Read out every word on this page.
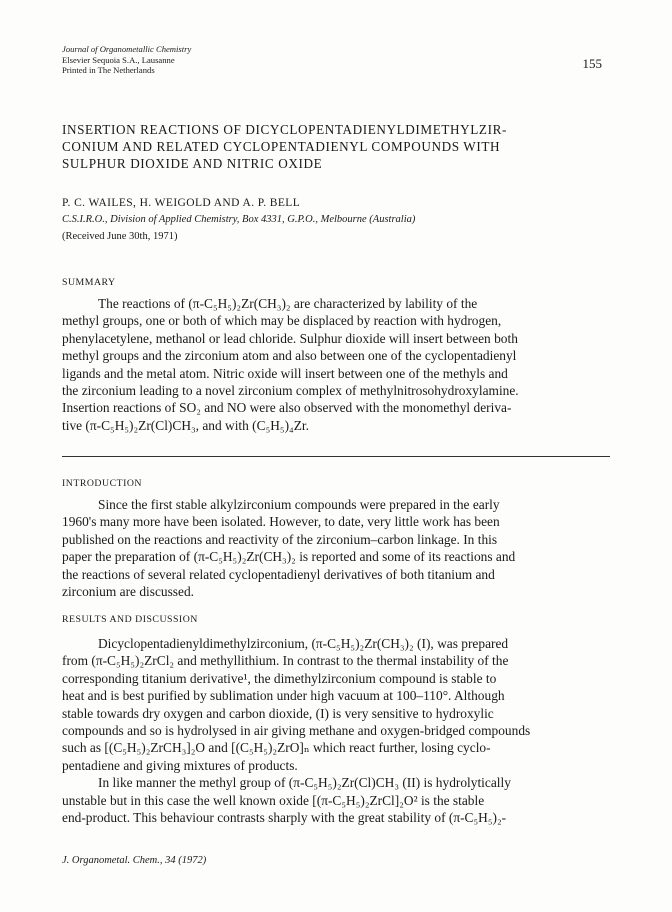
Journal of Organometallic Chemistry
Elsevier Sequoia S.A., Lausanne
Printed in The Netherlands	155
INSERTION REACTIONS OF DICYCLOPENTADIENYLDIMETHYLZIR-
CONIUM AND RELATED CYCLOPENTADIENYL COMPOUNDS WITH
SULPHUR DIOXIDE AND NITRIC OXIDE
P. C. WAILES, H. WEIGOLD AND A. P. BELL
C.S.I.R.O., Division of Applied Chemistry, Box 4331, G.P.O., Melbourne (Australia)
(Received June 30th, 1971)
SUMMARY
The reactions of (π-C₅H₅)₂Zr(CH₃)₂ are characterized by lability of the
methyl groups, one or both of which may be displaced by reaction with hydrogen,
phenylacetylene, methanol or lead chloride. Sulphur dioxide will insert between both
methyl groups and the zirconium atom and also between one of the cyclopentadienyl
ligands and the metal atom. Nitric oxide will insert between one of the methyls and
the zirconium leading to a novel zirconium complex of methylnitrosohydroxylamine.
Insertion reactions of SO₂ and NO were also observed with the monomethyl deriva-
tive (π-C₅H₅)₂Zr(Cl)CH₃, and with (C₅H₅)₄Zr.
INTRODUCTION
Since the first stable alkylzirconium compounds were prepared in the early
1960's many more have been isolated. However, to date, very little work has been
published on the reactions and reactivity of the zirconium–carbon linkage. In this
paper the preparation of (π-C₅H₅)₂Zr(CH₃)₂ is reported and some of its reactions and
the reactions of several related cyclopentadienyl derivatives of both titanium and
zirconium are discussed.
RESULTS AND DISCUSSION
Dicyclopentadienyldimethylzirconium, (π-C₅H₅)₂Zr(CH₃)₂ (I), was prepared
from (π-C₅H₅)₂ZrCl₂ and methyllithium. In contrast to the thermal instability of the
corresponding titanium derivative¹, the dimethylzirconium compound is stable to
heat and is best purified by sublimation under high vacuum at 100–110°. Although
stable towards dry oxygen and carbon dioxide, (I) is very sensitive to hydroxylic
compounds and so is hydrolysed in air giving methane and oxygen-bridged compounds
such as [(C₅H₅)₂ZrCH₃]₂O and [(C₅H₅)₂ZrO]ₙ which react further, losing cyclo-
pentadiene and giving mixtures of products.
In like manner the methyl group of (π-C₅H₅)₂Zr(Cl)CH₃ (II) is hydrolytically
unstable but in this case the well known oxide [(π-C₅H₅)₂ZrCl]₂O² is the stable
end-product. This behaviour contrasts sharply with the great stability of (π-C₅H₅)₂-
J. Organometal. Chem., 34 (1972)
